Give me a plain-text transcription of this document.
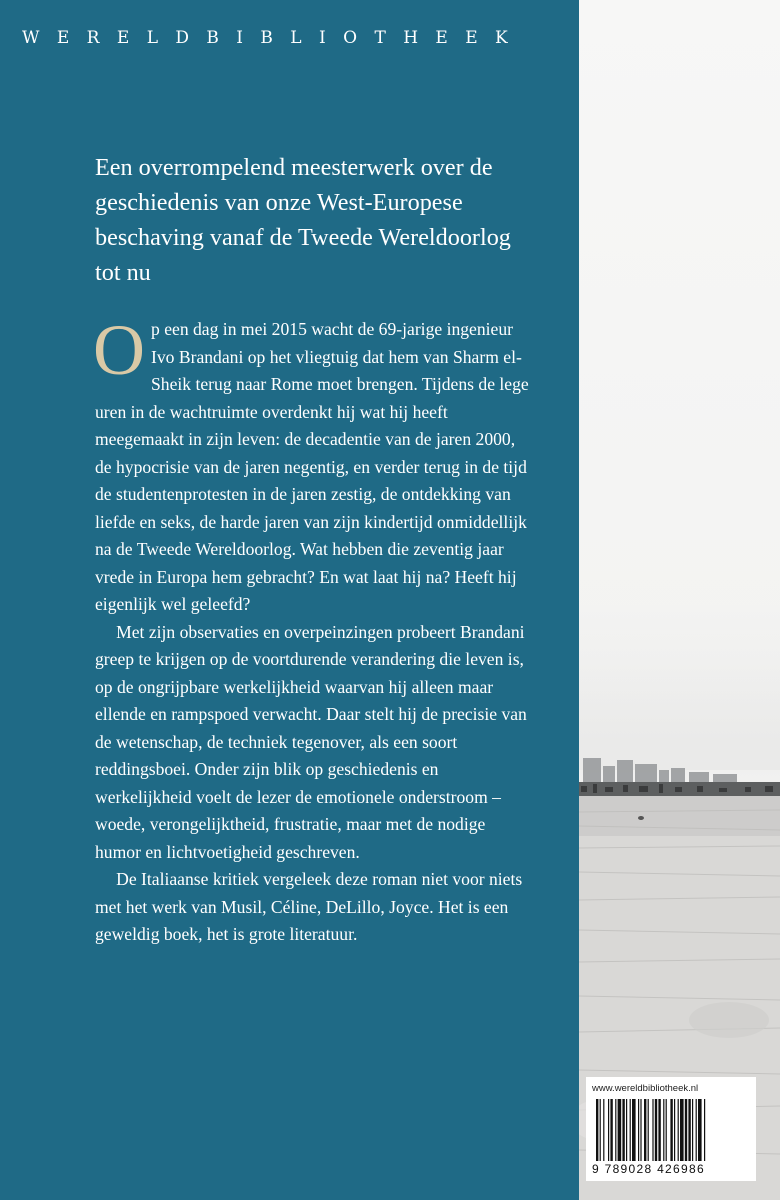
WERELDBIBLIOTHEEK
Een overrompelend meesterwerk over de geschiedenis van onze West-Europese beschaving vanaf de Tweede Wereldoorlog tot nu

Op een dag in mei 2015 wacht de 69-jarige ingenieur Ivo Brandani op het vliegtuig dat hem van Sharm el-Sheik terug naar Rome moet brengen. Tijdens de lege uren in de wachtruimte overdenkt hij wat hij heeft meegemaakt in zijn leven: de decadentie van de jaren 2000, de hypocrisie van de jaren negentig, en verder terug in de tijd de studentenprotesten in de jaren zestig, de ontdekking van liefde en seks, de harde jaren van zijn kindertijd onmiddellijk na de Tweede Wereldoorlog. Wat hebben die zeventig jaar vrede in Europa hem gebracht? En wat laat hij na? Heeft hij eigenlijk wel geleefd?

Met zijn observaties en overpeinzingen probeert Brandani greep te krijgen op de voortdurende verandering die leven is, op de ongrijpbare werkelijkheid waarvan hij alleen maar ellende en rampspoed verwacht. Daar stelt hij de precisie van de wetenschap, de techniek tegenover, als een soort reddingsboei. Onder zijn blik op geschiedenis en werkelijkheid voelt de lezer de emotionele onderstroom – woede, verongelijktheid, frustratie, maar met de nodige humor en lichtvoetigheid geschreven.

De Italiaanse kritiek vergeleek deze roman niet voor niets met het werk van Musil, Céline, DeLillo, Joyce. Het is een geweldig boek, het is grote literatuur.

www.wereldbibliotheek.nl
9 789028 426986
